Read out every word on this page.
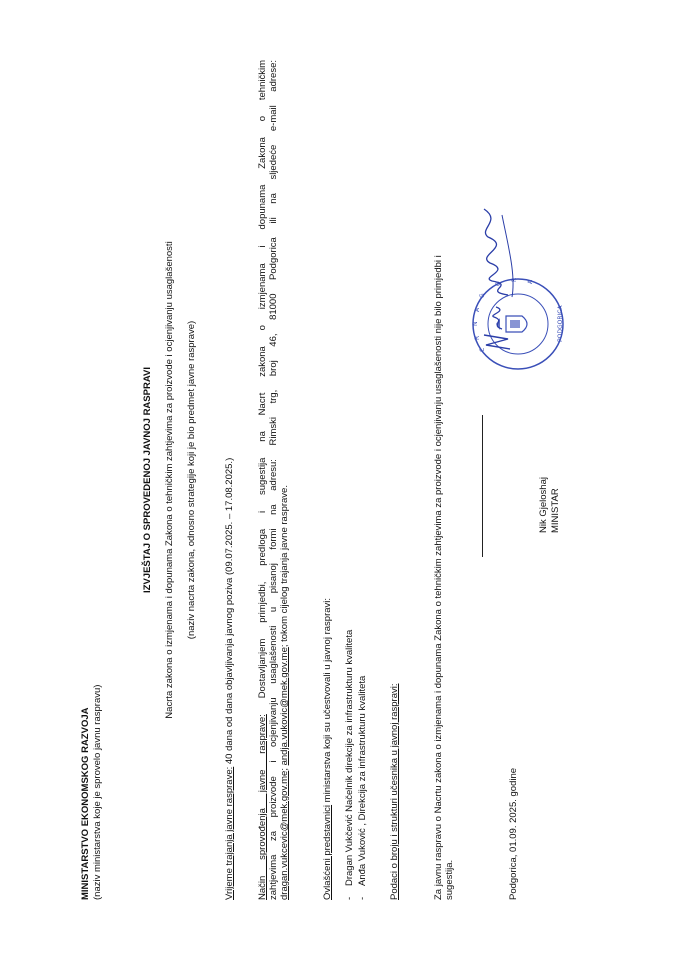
MINISTARSTVO EKONOMSKOG RAZVOJA (naziv ministarstva koje je sprovelo javnu raspravu)
IZVJEŠTAJ O SPROVEDENOJ JAVNOJ RASPRAVI Nacrta zakona o izmjenama i dopunama Zakona o tehničkim zahtjevima za proizvode i ocjenjivanju usaglašenosti (naziv nacrta zakona, odnosno strategije koji je bio predmet javne rasprave)
Vrijeme trajanja javne rasprave: 40 dana od dana objavljivanja javnog poziva (09.07.2025. – 17.08.2025.)
Način sprovođenja javne rasprave: Dostavljanjem primjedbi, predloga i sugestija na Nacrt zakona o izmjenama i dopunama Zakona o tehničkim zahtjevima za proizvode i ocjenjivanju usaglašenosti u pisanoj formi na adresu: Rimski trg, broj 46, 81000 Podgorica ili na sljedeće e-mail adrese: dragan.vukcevic@mek.gov.me; andja.vukovic@mek.gov.me; tokom cijelog trajanja javne rasprave.
Ovlašćeni predstavnici ministarstva koji su učestvovali u javnoj raspravi:
-Dragan Vukčević Načelnik direkcije za infrastrukturu kvaliteta
-Anđa Vuković , Direkcija za infrastrukturu kvaliteta Podaci o broju i strukturi učesnika u javnoj raspravi:	Za javnu raspravu o Nacrtu zakona o izmjenama i dopunama Zakona o tehničkim zahtjevima za proizvode i ocjenjivanju usaglašenosti nije bilo primjedbi i sugestija.	Podgorica, 01.09. 2025. godine
Nik Gjeloshaj MINISTAR
C
R
N
A
G
O
R A
PODGORICA
